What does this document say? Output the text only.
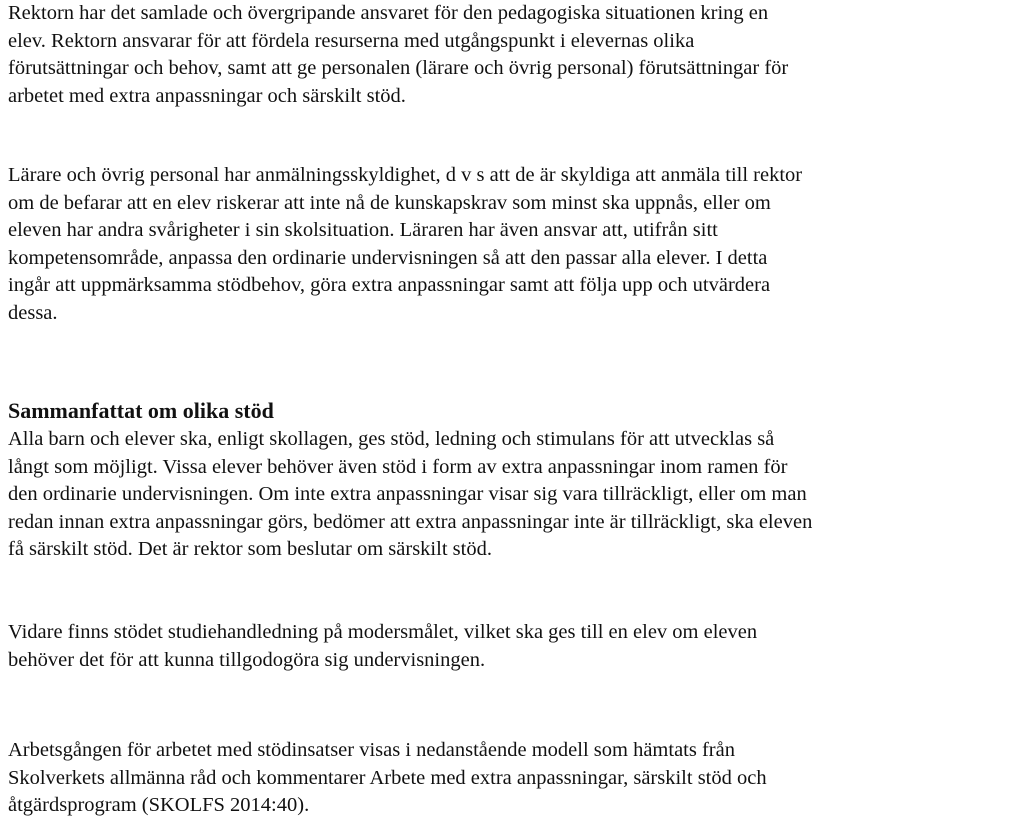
Rektorn har det samlade och övergripande ansvaret för den pedagogiska situationen kring en
elev. Rektorn ansvarar för att fördela resurserna med utgångspunkt i elevernas olika
förutsättningar och behov, samt att ge personalen (lärare och övrig personal) förutsättningar för
arbetet med extra anpassningar och särskilt stöd.

Lärare och övrig personal har anmälningsskyldighet, d v s att de är skyldiga att anmäla till rektor
om de befarar att en elev riskerar att inte nå de kunskapskrav som minst ska uppnås, eller om
eleven har andra svårigheter i sin skolsituation. Läraren har även ansvar att, utifrån sitt
kompetensområde, anpassa den ordinarie undervisningen så att den passar alla elever. I detta
ingår att uppmärksamma stödbehov, göra extra anpassningar samt att följa upp och utvärdera
dessa.

Sammanfattat om olika stöd

Alla barn och elever ska, enligt skollagen, ges stöd, ledning och stimulans för att utvecklas så
långt som möjligt. Vissa elever behöver även stöd i form av extra anpassningar inom ramen för
den ordinarie undervisningen. Om inte extra anpassningar visar sig vara tillräckligt, eller om man
redan innan extra anpassningar görs, bedömer att extra anpassningar inte är tillräckligt, ska eleven
få särskilt stöd. Det är rektor som beslutar om särskilt stöd.

Vidare finns stödet studiehandledning på modersmålet, vilket ska ges till en elev om eleven
behöver det för att kunna tillgodogöra sig undervisningen.

Arbetsgången för arbetet med stödinsatser visas i nedanstående modell som hämtats från
Skolverkets allmänna råd och kommentarer Arbete med extra anpassningar, särskilt stöd och
åtgärdsprogram (SKOLFS 2014:40).
